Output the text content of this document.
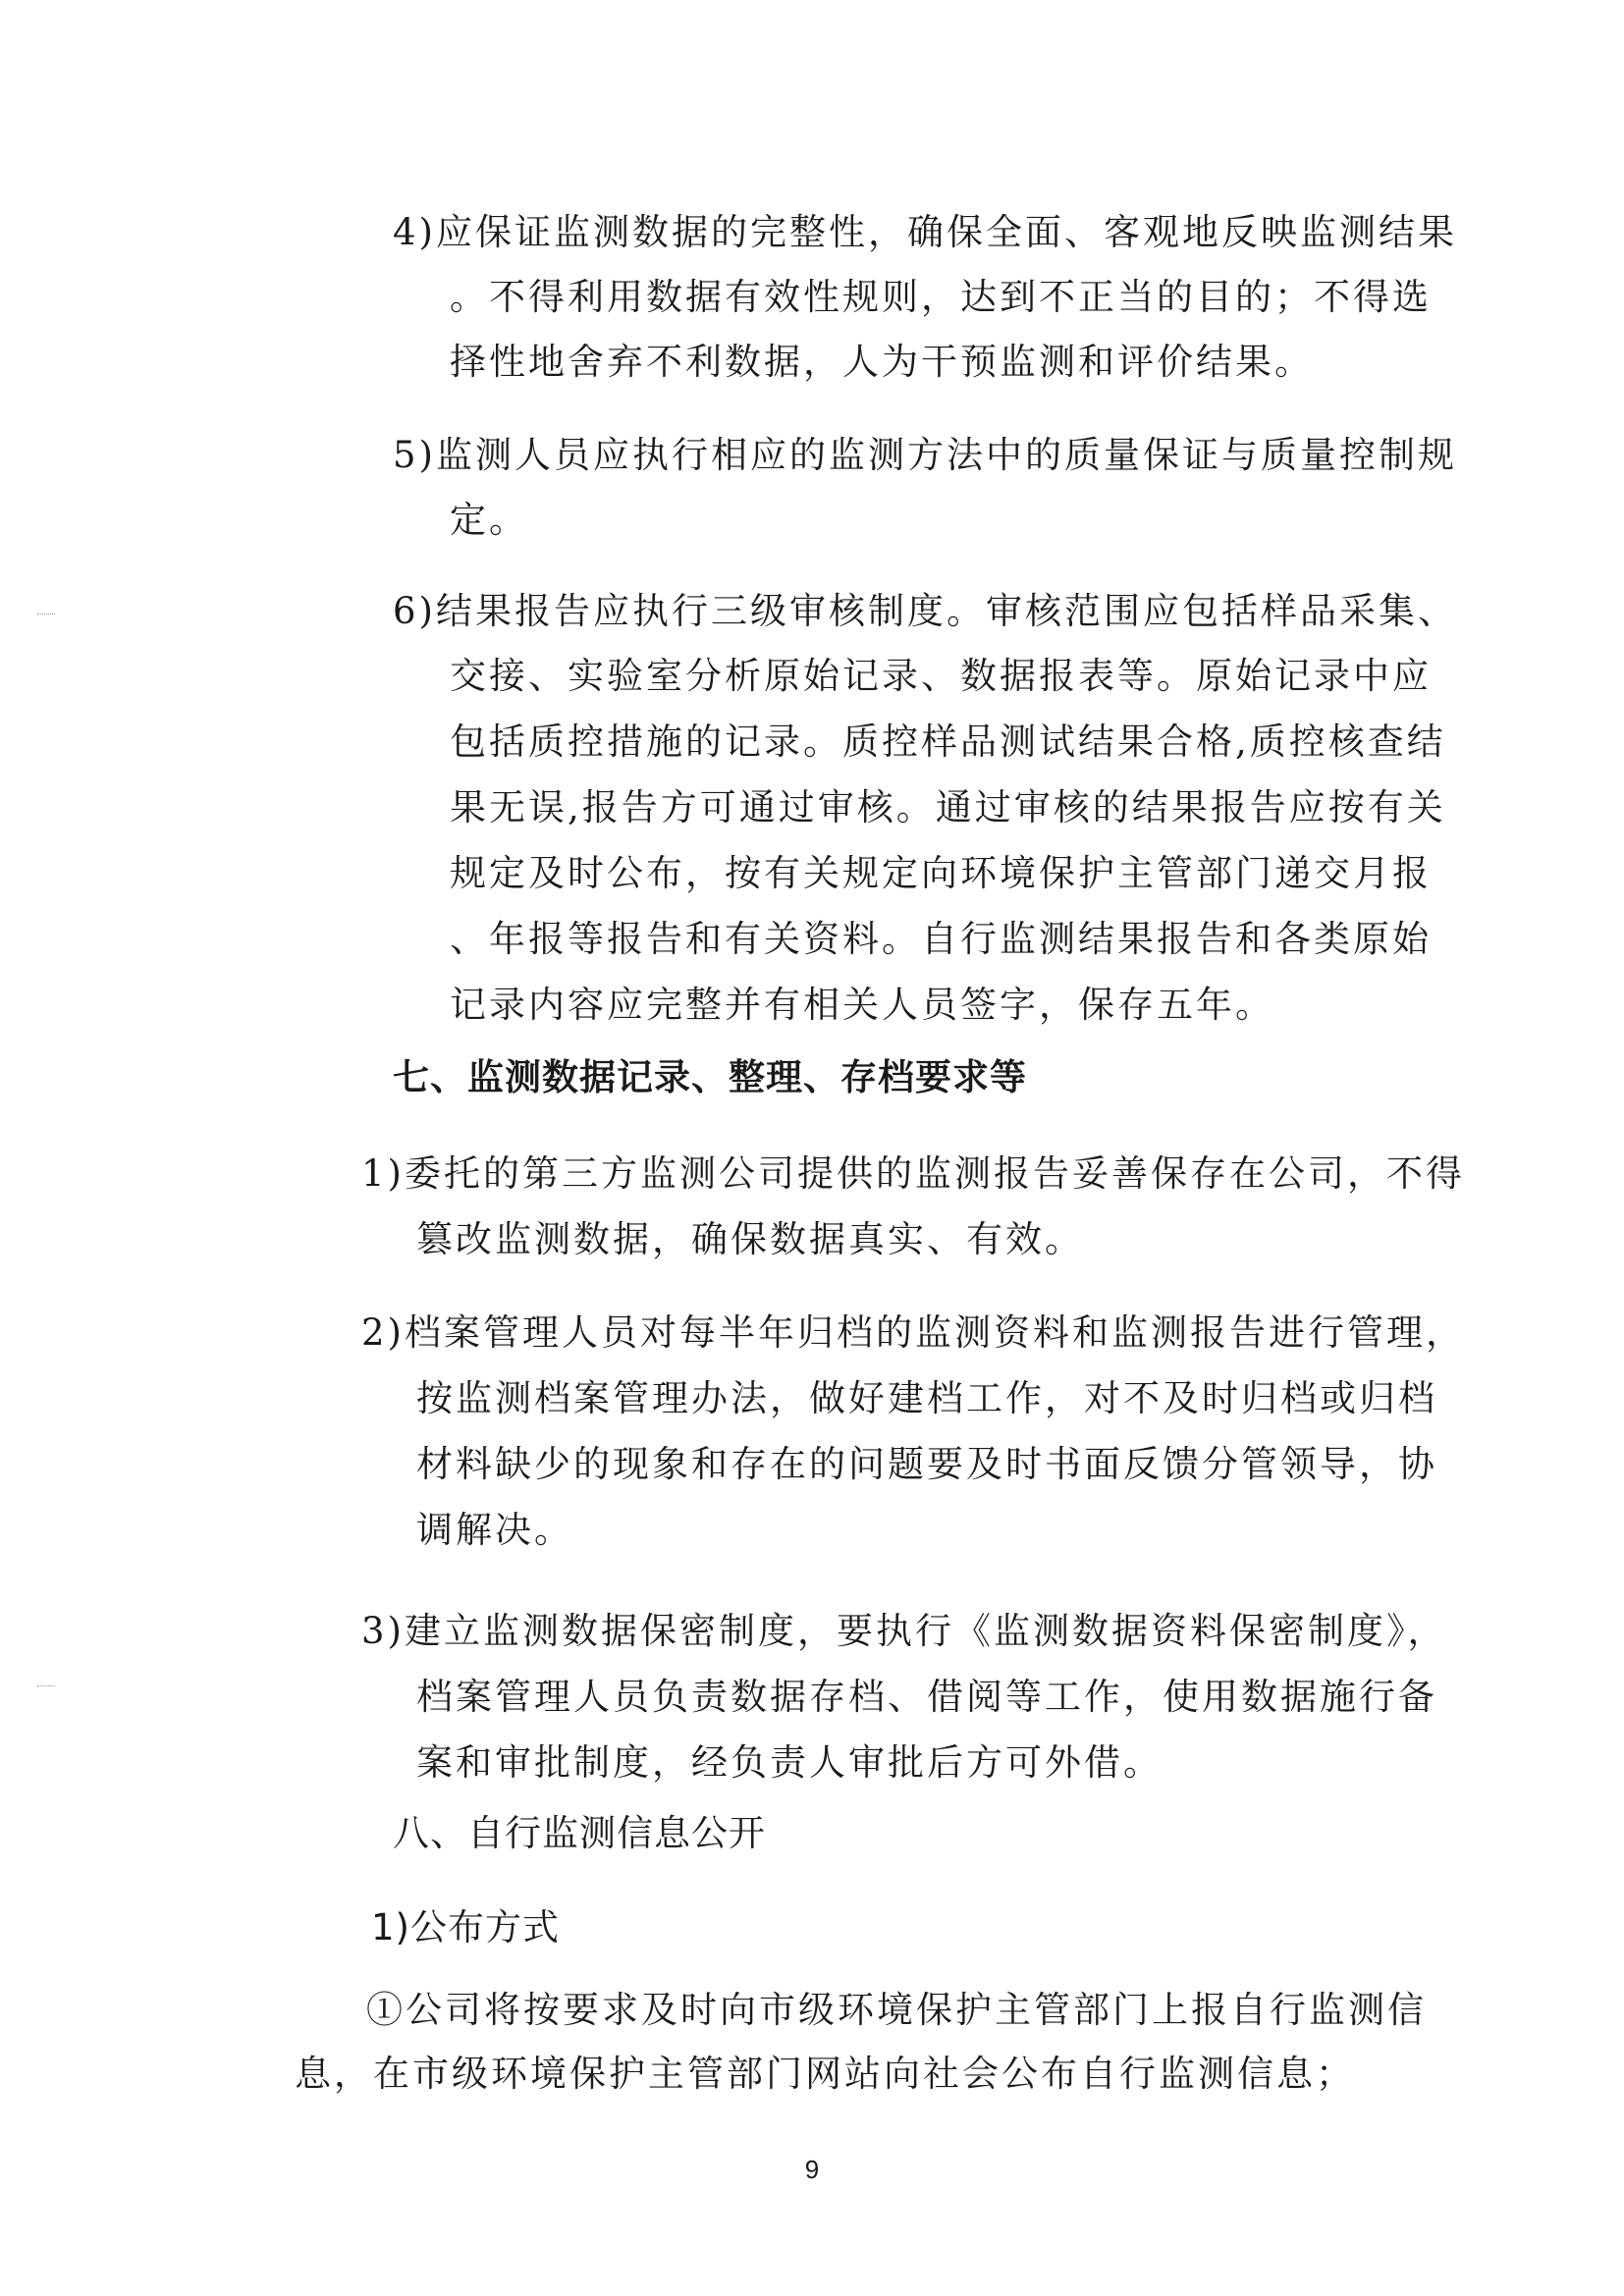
4)应保证监测数据的完整性，确保全面、客观地反映监测结果
。不得利用数据有效性规则，达到不正当的目的；不得选
择性地舍弃不利数据，人为干预监测和评价结果。
5)监测人员应执行相应的监测方法中的质量保证与质量控制规
定。
6)结果报告应执行三级审核制度。审核范围应包括样品采集、
交接、实验室分析原始记录、数据报表等。原始记录中应
包括质控措施的记录。质控样品测试结果合格,质控核查结
果无误,报告方可通过审核。通过审核的结果报告应按有关
规定及时公布，按有关规定向环境保护主管部门递交月报
、年报等报告和有关资料。自行监测结果报告和各类原始
记录内容应完整并有相关人员签字，保存五年。
七、监测数据记录、整理、存档要求等
1)委托的第三方监测公司提供的监测报告妥善保存在公司，不得
篡改监测数据，确保数据真实、有效。
2)档案管理人员对每半年归档的监测资料和监测报告进行管理，
按监测档案管理办法，做好建档工作，对不及时归档或归档
材料缺少的现象和存在的问题要及时书面反馈分管领导，协
调解决。
3)建立监测数据保密制度，要执行《监测数据资料保密制度》，
档案管理人员负责数据存档、借阅等工作，使用数据施行备
案和审批制度，经负责人审批后方可外借。
八、自行监测信息公开
1)公布方式
①公司将按要求及时向市级环境保护主管部门上报自行监测信
息，在市级环境保护主管部门网站向社会公布自行监测信息；
9
